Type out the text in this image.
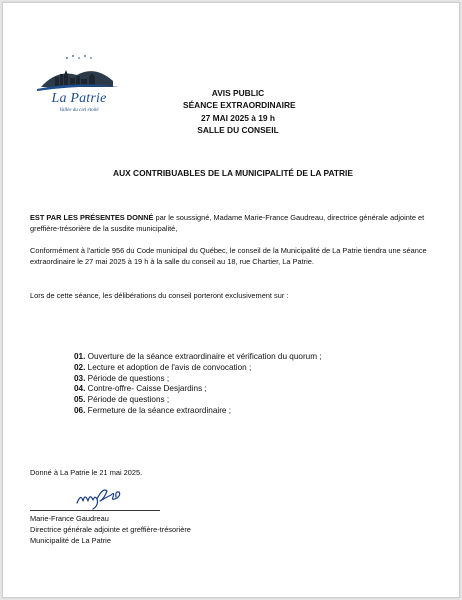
La Patrie
Vallée du ciel étoilé
AVIS PUBLIC
SÉANCE EXTRAORDINAIRE
27 MAI 2025 à 19 h
SALLE DU CONSEIL
AUX CONTRIBUABLES DE LA MUNICIPALITÉ DE LA PATRIE
EST PAR LES PRÉSENTES DONNÉ par le soussigné, Madame Marie-France Gaudreau, directrice générale adjointe et greffière-trésorière de la susdite municipalité,
Conformément à l'article 956 du Code municipal du Québec, le conseil de la Municipalité de La Patrie tiendra une séance extraordinaire le 27 mai 2025 à 19 h à la salle du conseil au 18, rue Chartier, La Patrie.
Lors de cette séance, les délibérations du conseil porteront exclusivement sur :
01. Ouverture de la séance extraordinaire et vérification du quorum ;
02. Lecture et adoption de l'avis de convocation ;
03. Période de questions ;
04. Contre-offre- Caisse Desjardins ;
05. Période de questions ;
06. Fermeture de la séance extraordinaire ;
Donné à La Patrie le 21 mai 2025.
Marie-France Gaudreau
Directrice générale adjointe et greffière-trésorière
Municipalité de La Patrie
